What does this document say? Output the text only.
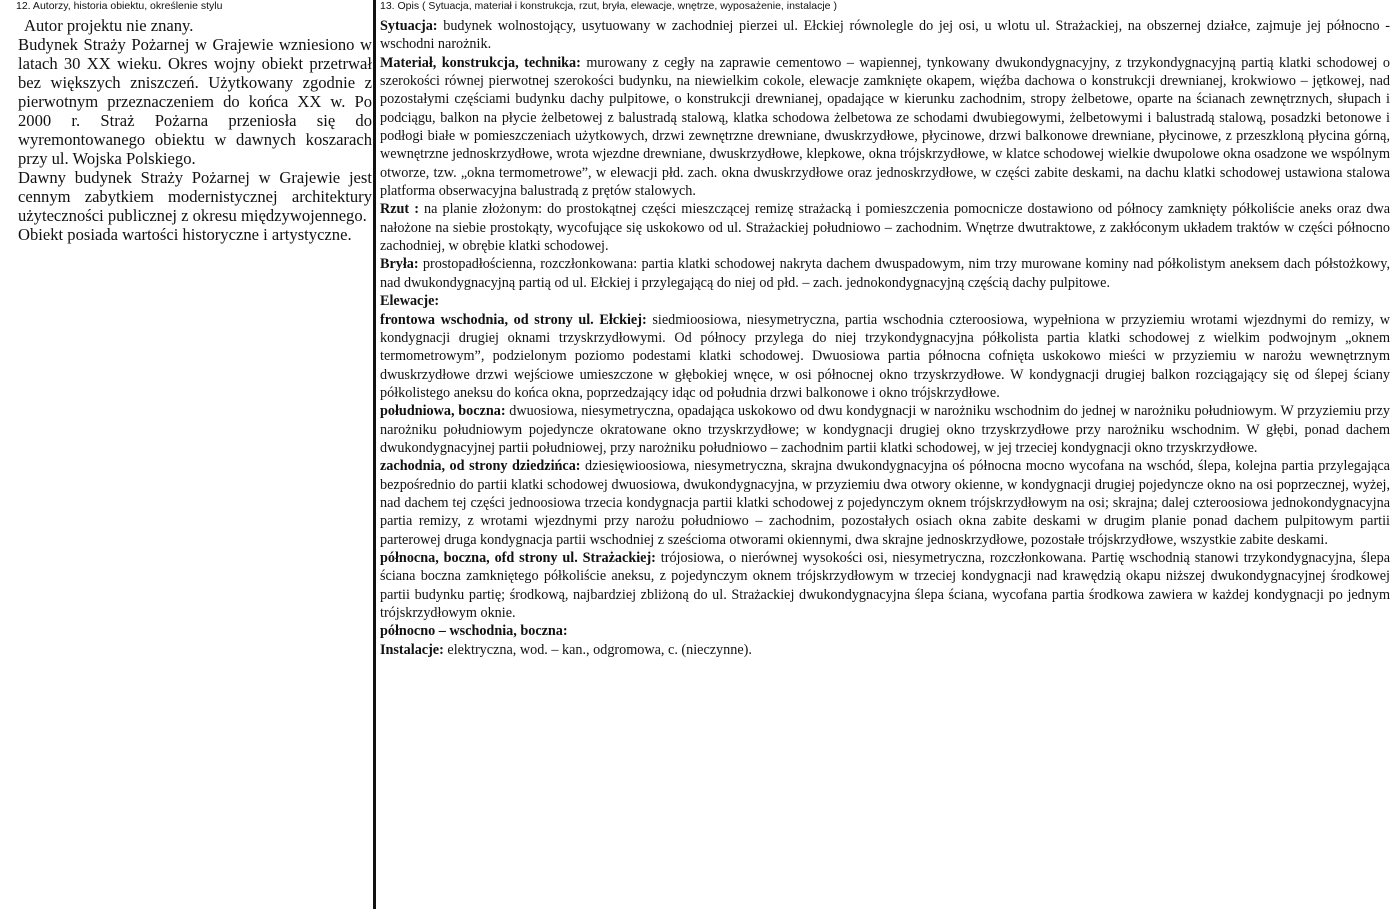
12. Autorzy, historia obiektu, określenie stylu

Autor projektu nie znany.

Budynek Straży Pożarnej w Grajewie wzniesiono w latach 30 XX wieku. Okres wojny obiekt przetrwał bez większych zniszczeń. Użytkowany zgodnie z pierwotnym przeznaczeniem do końca XX w. Po 2000 r. Straż Pożarna przeniosła się do wyremontowanego obiektu w dawnych koszarach przy ul. Wojska Polskiego.

Dawny budynek Straży Pożarnej w Grajewie jest cennym zabytkiem modernistycznej architektury użyteczności publicznej z okresu międzywojennego.

Obiekt posiada wartości historyczne i artystyczne.

13. Opis ( Sytuacja, materiał i konstrukcja, rzut, bryła, elewacje, wnętrze, wyposażenie, instalacje )

Sytuacja: budynek wolnostojący, usytuowany w zachodniej pierzei ul. Ełckiej równolegle do jej osi, u wlotu ul. Strażackiej, na obszernej działce, zajmuje jej północno - wschodni narożnik.

Materiał, konstrukcja, technika: murowany z cegły na zaprawie cementowo – wapiennej, tynkowany dwukondygnacyjny, z trzykondygnacyjną partią klatki schodowej o szerokości równej pierwotnej szerokości budynku, na niewielkim cokole, elewacje zamknięte okapem, więźba dachowa o konstrukcji drewnianej, krokwiowo – jętkowej, nad pozostałymi częściami budynku dachy pulpitowe, o konstrukcji drewnianej, opadające w kierunku zachodnim, stropy żelbetowe, oparte na ścianach zewnętrznych, słupach i podciągu, balkon na płycie żelbetowej z balustradą stalową, klatka schodowa żelbetowa ze schodami dwubiegowymi, żelbetowymi i balustradą stalową, posadzki betonowe i podłogi białe w pomieszczeniach użytkowych, drzwi zewnętrzne drewniane, dwuskrzydłowe, płycinowe, drzwi balkonowe drewniane, płycinowe, z przeszkloną płycina górną, wewnętrzne jednoskrzydłowe, wrota wjezdne drewniane, dwuskrzydłowe, klepkowe, okna trójskrzydłowe, w klatce schodowej wielkie dwupolowe okna osadzone we wspólnym otworze, tzw. „okna termometrowe”, w elewacji płd. zach. okna dwuskrzydłowe oraz jednoskrzydłowe, w części zabite deskami, na dachu klatki schodowej ustawiona stalowa platforma obserwacyjna balustradą z prętów stalowych.

Rzut : na planie złożonym: do prostokątnej części mieszczącej remizę strażacką i pomieszczenia pomocnicze dostawiono od północy zamknięty półkoliście aneks oraz dwa nałożone na siebie prostokąty, wycofujące się uskokowo od ul. Strażackiej południowo – zachodnim. Wnętrze dwutraktowe, z zakłóconym układem traktów w części północno zachodniej, w obrębie klatki schodowej.

Bryła: prostopadłościenna, rozczłonkowana: partia klatki schodowej nakryta dachem dwuspadowym, nim trzy murowane kominy nad półkolistym aneksem dach półstożkowy, nad dwukondygnacyjną partią od ul. Ełckiej i przylegającą do niej od płd. – zach. jednokondygnacyjną częścią dachy pulpitowe.

Elewacje:

frontowa wschodnia, od strony ul. Ełckiej: siedmioosiowa, niesymetryczna, partia wschodnia czteroosiowa, wypełniona w przyziemiu wrotami wjezdnymi do remizy, w kondygnacji drugiej oknami trzyskrzydłowymi. Od północy przylega do niej trzykondygnacyjna półkolista partia klatki schodowej z wielkim podwojnym „oknem termometrowym”, podzielonym poziomo podestami klatki schodowej. Dwuosiowa partia północna cofnięta uskokowo mieści w przyziemiu w narożu wewnętrznym dwuskrzydłowe drzwi wejściowe umieszczone w głębokiej wnęce, w osi północnej okno trzyskrzydłowe. W kondygnacji drugiej balkon rozciągający się od ślepej ściany półkolistego aneksu do końca okna, poprzedzający idąc od południa drzwi balkonowe i okno trójskrzydłowe.

południowa, boczna: dwuosiowa, niesymetryczna, opadająca uskokowo od dwu kondygnacji w narożniku wschodnim do jednej w narożniku południowym. W przyziemiu przy narożniku południowym pojedyncze okratowane okno trzyskrzydłowe; w kondygnacji drugiej okno trzyskrzydłowe przy narożniku wschodnim. W głębi, ponad dachem dwukondygnacyjnej partii południowej, przy narożniku południowo – zachodnim partii klatki schodowej, w jej trzeciej kondygnacji okno trzyskrzydłowe.

zachodnia, od strony dziedzińca: dziesięwioosiowa, niesymetryczna, skrajna dwukondygnacyjna oś północna mocno wycofana na wschód, ślepa, kolejna partia przylegająca bezpośrednio do partii klatki schodowej dwuosiowa, dwukondygnacyjna, w przyziemiu dwa otwory okienne, w kondygnacji drugiej pojedyncze okno na osi poprzecznej, wyżej, nad dachem tej części jednoosiowa trzecia kondygnacja partii klatki schodowej z pojedynczym oknem trójskrzydłowym na osi; skrajna; dalej czteroosiowa jednokondygnacyjna partia remizy, z wrotami wjezdnymi przy narożu południowo – zachodnim, pozostałych osiach okna zabite deskami w drugim planie ponad dachem pulpitowym partii parterowej druga kondygnacja partii wschodniej z sześcioma otworami okiennymi, dwa skrajne jednoskrzydłowe, pozostałe trójskrzydłowe, wszystkie zabite deskami.

północna, boczna, ofd strony ul. Strażackiej: trójosiowa, o nierównej wysokości osi, niesymetryczna, rozczłonkowana. Partię wschodnią stanowi trzykondygnacyjna, ślepa ściana boczna zamkniętego półkoliście aneksu, z pojedynczym oknem trójskrzydłowym w trzeciej kondygnacji nad krawędzią okapu niższej dwukondygnacyjnej środkowej partii budynku partię; środkową, najbardziej zbliżoną do ul. Strażackiej dwukondygnacyjna ślepa ściana, wycofana partia środkowa zawiera w każdej kondygnacji po jednym trójskrzydłowym oknie.

północno – wschodnia, boczna:

Instalacje: elektryczna, wod. – kan., odgromowa, c. (nieczynne).
